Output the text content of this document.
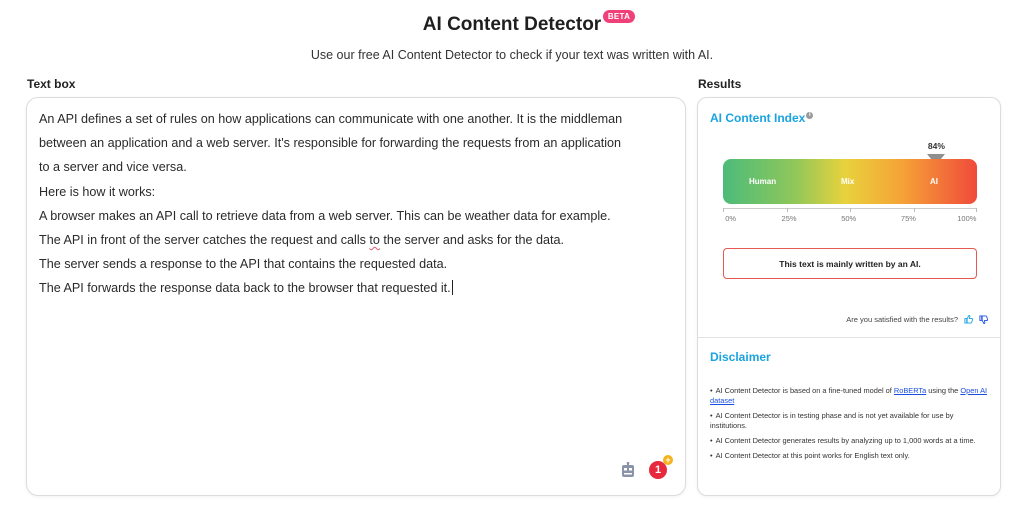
AI Content Detector BETA
Use our free AI Content Detector to check if your text was written with AI.
Text box	Results

An API defines a set of rules on how applications can communicate with one another. It is the middleman

between an application and a web server. It's responsible for forwarding the requests from an application

to a server and vice versa.

Here is how it works:

A browser makes an API call to retrieve data from a web server. This can be weather data for example.

The API in front of the server catches the request and calls to the server and asks for the data.

The server sends a response to the API that contains the requested data.

The API forwards the response data back to the browser that requested it.

1
+
AI Content Index i
84%
Human	Mix	AI
0%	25%	50%	75%	100%
This text is mainly written by an AI.
Are you satisfied with the results?
Disclaimer
• AI Content Detector is based on a fine-tuned model of RoBERTa using the Open AI dataset
• AI Content Detector is in testing phase and is not yet available for use by institutions.
• AI Content Detector generates results by analyzing up to 1,000 words at a time.
• AI Content Detector at this point works for English text only.
